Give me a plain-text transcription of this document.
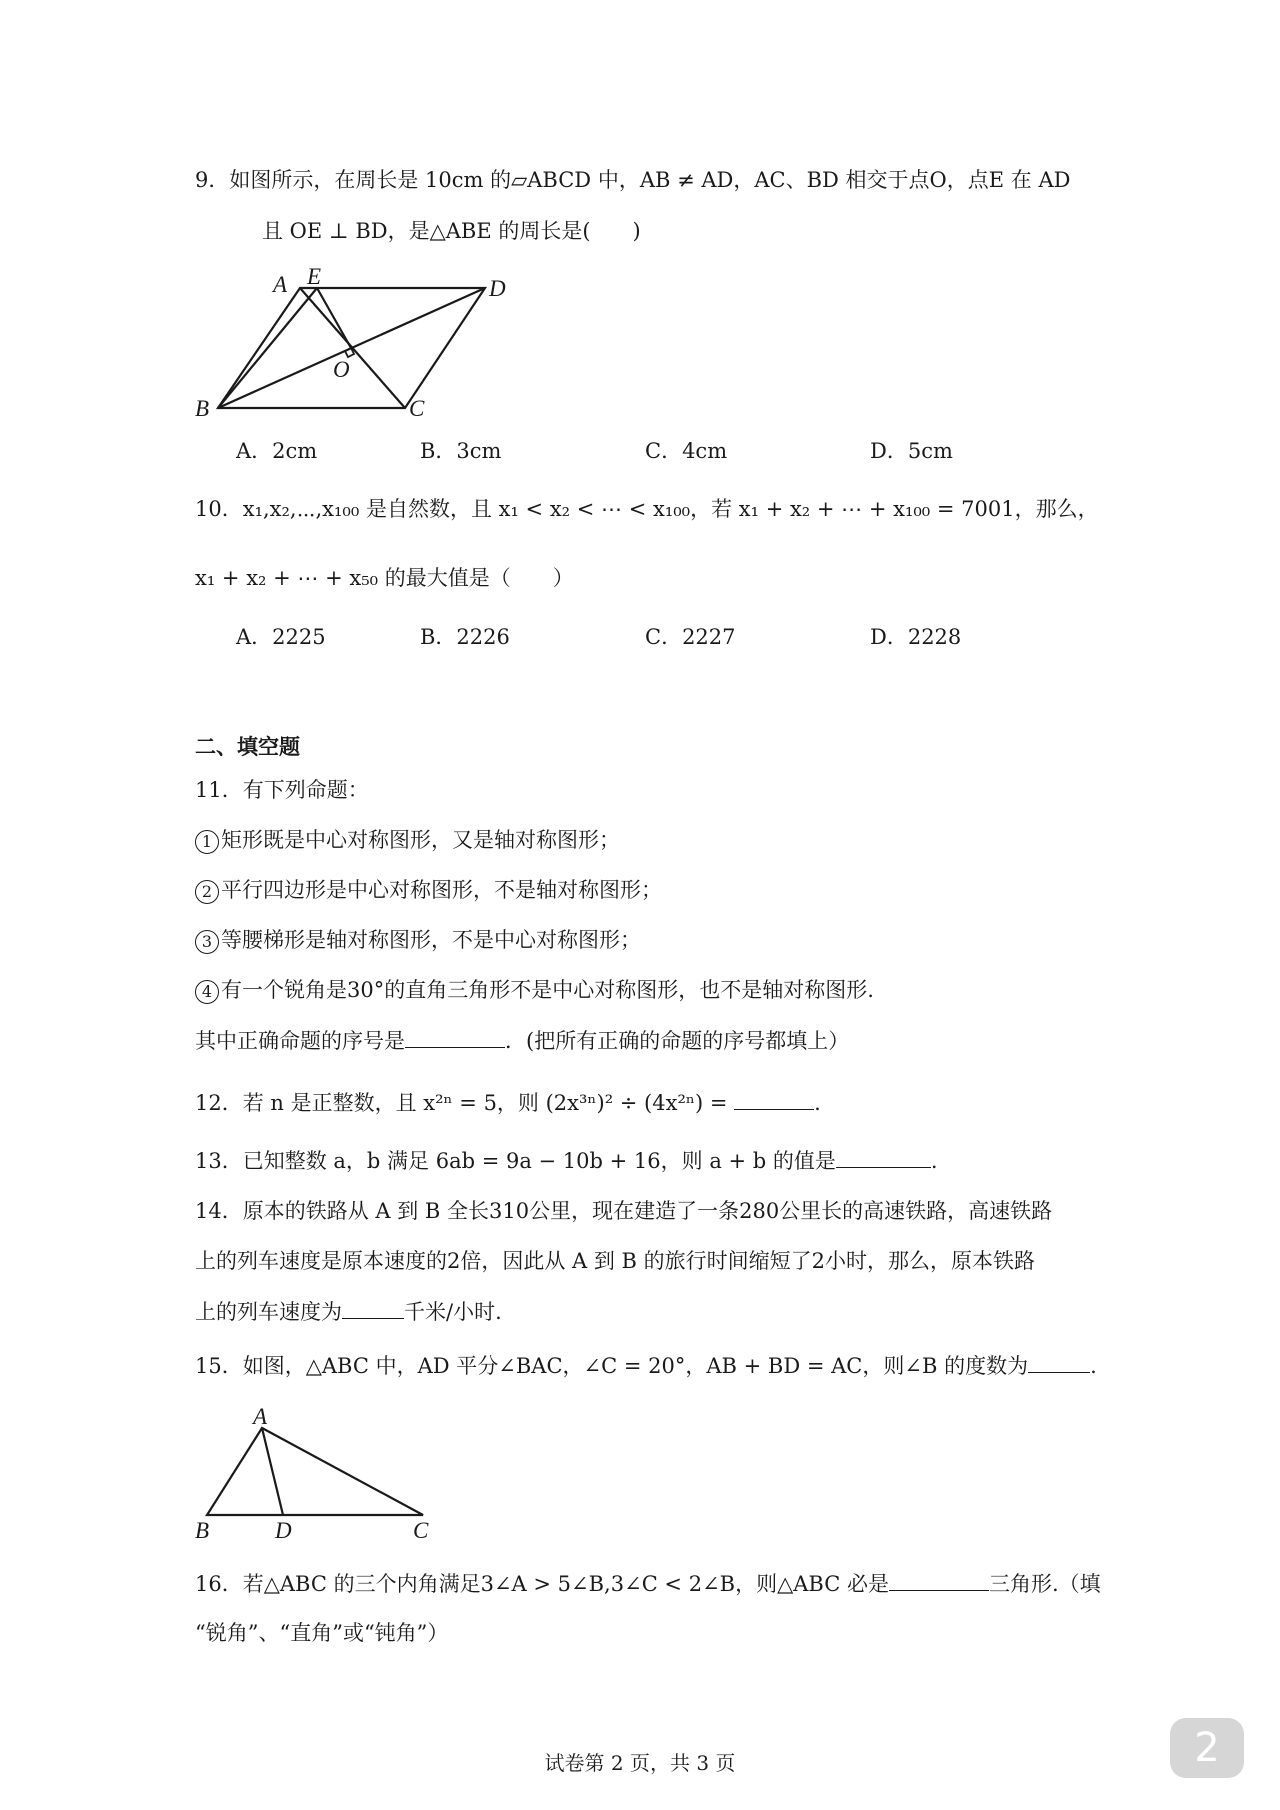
9．如图所示，在周长是 10cm 的▱ABCD 中，AB ≠ AD，AC、BD 相交于点O，点E 在 AD
且 OE ⊥ BD，是△ABE 的周长是(　　)
A E	D
O
B	C
A．2cm	B．3cm	C．4cm	D．5cm
10．x₁,x₂,⋯,x₁₀₀ 是自然数，且 x₁ < x₂ < ⋯ < x₁₀₀，若 x₁ + x₂ + ⋯ + x₁₀₀ = 7001，那么，
x₁ + x₂ + ⋯ + x₅₀ 的最大值是（　　）
A．2225	B．2226	C．2227	D．2228
二、填空题
11．有下列命题：
1 矩形既是中心对称图形，又是轴对称图形；
2 平行四边形是中心对称图形，不是轴对称图形；
3 等腰梯形是轴对称图形，不是中心对称图形；
4 有一个锐角是30°的直角三角形不是中心对称图形，也不是轴对称图形.
其中正确命题的序号是	．(把所有正确的命题的序号都填上）
12．若 n 是正整数，且 x²ⁿ = 5，则 (2x³ⁿ)² ÷ (4x²ⁿ) =	.
13．已知整数 a，b 满足 6ab = 9a − 10b + 16，则 a + b 的值是	.
14．原本的铁路从 A 到 B 全长310公里，现在建造了一条280公里长的高速铁路，高速铁路
上的列车速度是原本速度的2倍，因此从 A 到 B 的旅行时间缩短了2小时，那么，原本铁路
上的列车速度为	千米/小时.
15．如图，△ABC 中，AD 平分∠BAC，∠C = 20°，AB + BD = AC，则∠B 的度数为	.
A
B	D	C
16．若△ABC 的三个内角满足3∠A > 5∠B,3∠C < 2∠B，则△ABC 必是	三角形.（填
“锐角”、“直角”或“钝角”）
试卷第 2 页，共 3 页	2
